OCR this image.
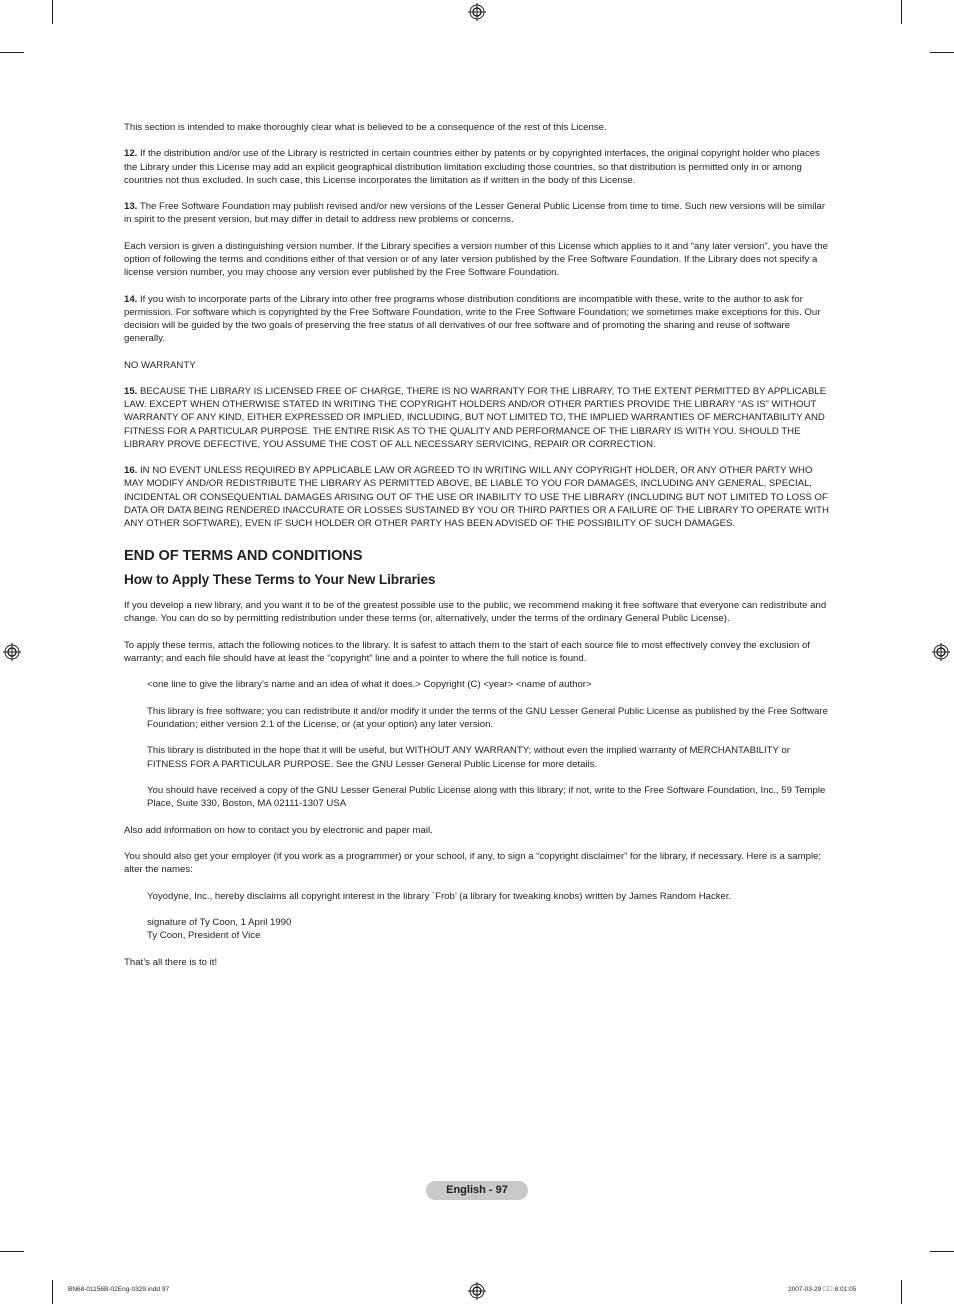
This section is intended to make thoroughly clear what is believed to be a consequence of the rest of this License.

12. If the distribution and/or use of the Library is restricted in certain countries either by patents or by copyrighted interfaces, the original copyright holder who places the Library under this License may add an explicit geographical distribution limitation excluding those countries, so that distribution is permitted only in or among countries not thus excluded. In such case, this License incorporates the limitation as if written in the body of this License.

13. The Free Software Foundation may publish revised and/or new versions of the Lesser General Public License from time to time. Such new versions will be similar in spirit to the present version, but may differ in detail to address new problems or concerns.

Each version is given a distinguishing version number. If the Library specifies a version number of this License which applies to it and “any later version”, you have the option of following the terms and conditions either of that version or of any later version published by the Free Software Foundation. If the Library does not specify a license version number, you may choose any version ever published by the Free Software Foundation.

14. If you wish to incorporate parts of the Library into other free programs whose distribution conditions are incompatible with these, write to the author to ask for permission. For software which is copyrighted by the Free Software Foundation, write to the Free Software Foundation; we sometimes make exceptions for this. Our decision will be guided by the two goals of preserving the free status of all derivatives of our free software and of promoting the sharing and reuse of software generally.

NO WARRANTY

15. BECAUSE THE LIBRARY IS LICENSED FREE OF CHARGE, THERE IS NO WARRANTY FOR THE LIBRARY, TO THE EXTENT PERMITTED BY APPLICABLE LAW. EXCEPT WHEN OTHERWISE STATED IN WRITING THE COPYRIGHT HOLDERS AND/OR OTHER PARTIES PROVIDE THE LIBRARY “AS IS” WITHOUT WARRANTY OF ANY KIND, EITHER EXPRESSED OR IMPLIED, INCLUDING, BUT NOT LIMITED TO, THE IMPLIED WARRANTIES OF MERCHANTABILITY AND FITNESS FOR A PARTICULAR PURPOSE. THE ENTIRE RISK AS TO THE QUALITY AND PERFORMANCE OF THE LIBRARY IS WITH YOU. SHOULD THE LIBRARY PROVE DEFECTIVE, YOU ASSUME THE COST OF ALL NECESSARY SERVICING, REPAIR OR CORRECTION.

16. IN NO EVENT UNLESS REQUIRED BY APPLICABLE LAW OR AGREED TO IN WRITING WILL ANY COPYRIGHT HOLDER, OR ANY OTHER PARTY WHO MAY MODIFY AND/OR REDISTRIBUTE THE LIBRARY AS PERMITTED ABOVE, BE LIABLE TO YOU FOR DAMAGES, INCLUDING ANY GENERAL, SPECIAL, INCIDENTAL OR CONSEQUENTIAL DAMAGES ARISING OUT OF THE USE OR INABILITY TO USE THE LIBRARY (INCLUDING BUT NOT LIMITED TO LOSS OF DATA OR DATA BEING RENDERED INACCURATE OR LOSSES SUSTAINED BY YOU OR THIRD PARTIES OR A FAILURE OF THE LIBRARY TO OPERATE WITH ANY OTHER SOFTWARE), EVEN IF SUCH HOLDER OR OTHER PARTY HAS BEEN ADVISED OF THE POSSIBILITY OF SUCH DAMAGES.

END OF TERMS AND CONDITIONS
How to Apply These Terms to Your New Libraries

If you develop a new library, and you want it to be of the greatest possible use to the public, we recommend making it free software that everyone can redistribute and change. You can do so by permitting redistribution under these terms (or, alternatively, under the terms of the ordinary General Public License).

To apply these terms, attach the following notices to the library. It is safest to attach them to the start of each source file to most effectively convey the exclusion of warranty; and each file should have at least the “copyright” line and a pointer to where the full notice is found.

<one line to give the library’s name and an idea of what it does.> Copyright (C) <year> <name of author>

This library is free software; you can redistribute it and/or modify it under the terms of the GNU Lesser General Public License as published by the Free Software Foundation; either version 2.1 of the License, or (at your option) any later version.

This library is distributed in the hope that it will be useful, but WITHOUT ANY WARRANTY; without even the implied warranty of MERCHANTABILITY or FITNESS FOR A PARTICULAR PURPOSE. See the GNU Lesser General Public License for more details.

You should have received a copy of the GNU Lesser General Public License along with this library; if not, write to the Free Software Foundation, Inc., 59 Temple Place, Suite 330, Boston, MA 02111-1307 USA

Also add information on how to contact you by electronic and paper mail.

You should also get your employer (if you work as a programmer) or your school, if any, to sign a “copyright disclaimer” for the library, if necessary. Here is a sample; alter the names:

Yoyodyne, Inc., hereby disclaims all copyright interest in the library `Frob’ (a library for tweaking knobs) written by James Random Hacker.

signature of Ty Coon, 1 April 1990
Ty Coon, President of Vice

That’s all there is to it!

English - 97
BN68-01156B-02Eng-0329.indd 97	2007-03-29    8:01:05
